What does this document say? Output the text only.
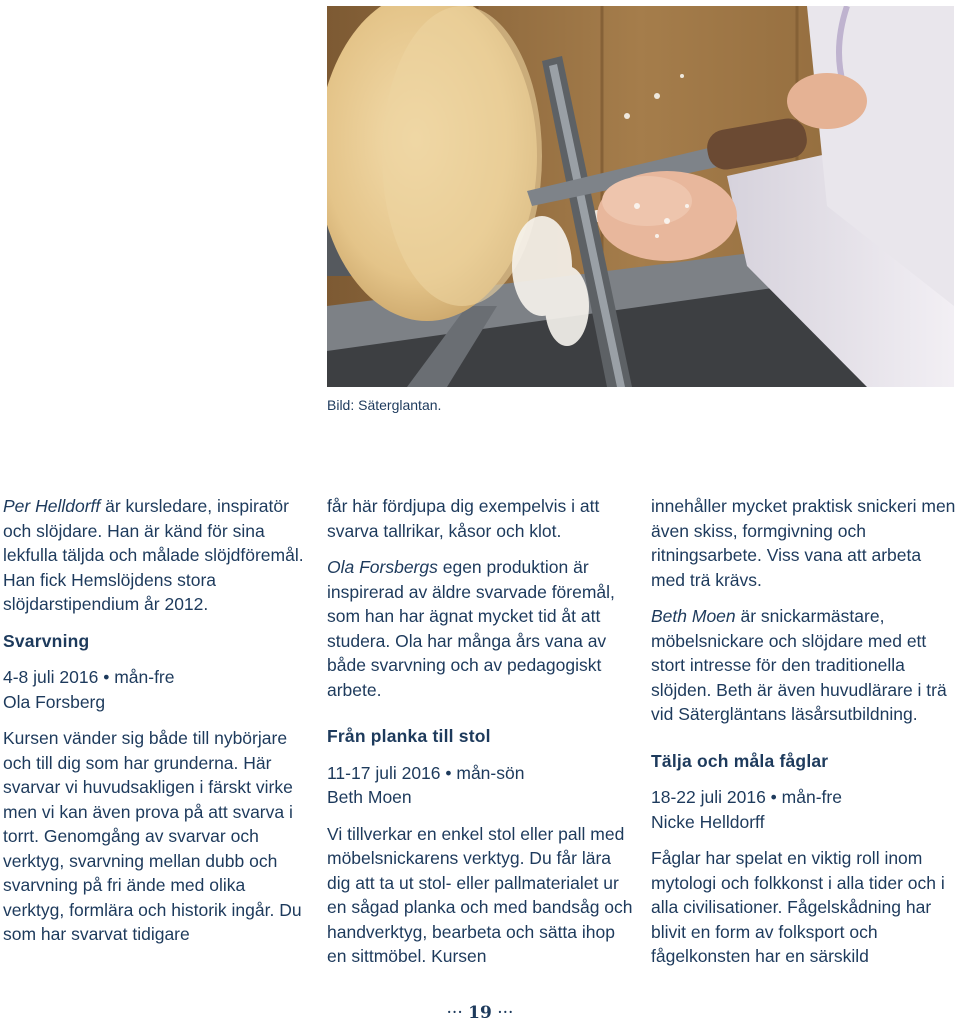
Bild: Säterglantan.

Per Helldorff är kursledare, inspiratör och slöjdare. Han är känd för sina lekfulla täljda och målade slöjdföremål. Han fick Hemslöjdens stora slöjdarstipendium år 2012.

Svarvning

4-8 juli 2016 • mån-fre

Ola Forsberg

Kursen vänder sig både till nybörjare och till dig som har grunderna. Här svarvar vi huvudsakligen i färskt virke men vi kan även prova på att svarva i torrt. Genomgång av svarvar och verktyg, svarvning mellan dubb och svarvning på fri ände med olika verktyg, formlära och historik ingår. Du som har svarvat tidigare

får här fördjupa dig exempelvis i att svarva tallrikar, kåsor och klot.

Ola Forsbergs egen produktion är inspirerad av äldre svarvade föremål, som han har ägnat mycket tid åt att studera. Ola har många års vana av både svarvning och av pedagogiskt arbete.

Från planka till stol

11-17 juli 2016 • mån-sön

Beth Moen

Vi tillverkar en enkel stol eller pall med möbelsnickarens verktyg. Du får lära dig att ta ut stol- eller pallmaterialet ur en sågad planka och med bandsåg och handverktyg, bearbeta och sätta ihop en sittmöbel. Kursen

innehåller mycket praktisk snickeri men även skiss, formgivning och ritningsarbete. Viss vana att arbeta med trä krävs.

Beth Moen är snickarmästare, möbelsnickare och slöjdare med ett stort intresse för den traditionella slöjden. Beth är även huvudlärare i trä vid Sätergläntans läsårsutbildning.

Tälja och måla fåglar

18-22 juli 2016 • mån-fre

Nicke Helldorff

Fåglar har spelat en viktig roll inom mytologi och folkkonst i alla tider och i alla civilisationer. Fågelskådning har blivit en form av folksport och fågelkonsten har en särskild

··· 19 ···
